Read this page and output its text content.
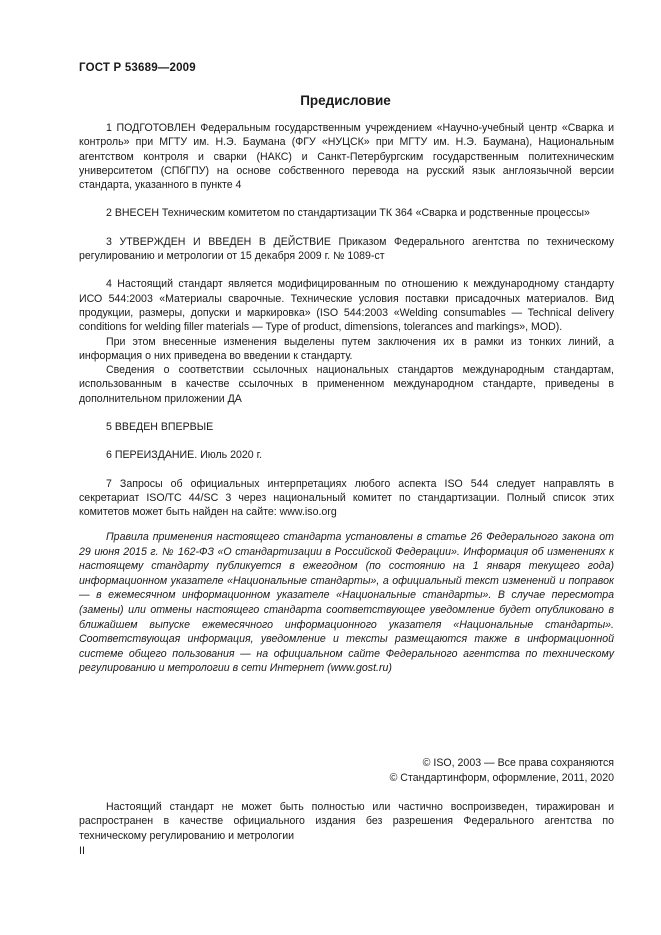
ГОСТ Р 53689—2009
Предисловие

1 ПОДГОТОВЛЕН Федеральным государственным учреждением «Научно-учебный центр «Сварка и контроль» при МГТУ им. Н.Э. Баумана (ФГУ «НУЦСК» при МГТУ им. Н.Э. Баумана), Национальным агентством контроля и сварки (НАКС) и Санкт-Петербургским государственным политехническим университетом (СПбГПУ) на основе собственного перевода на русский язык англоязычной версии стандарта, указанного в пункте 4

2 ВНЕСЕН Техническим комитетом по стандартизации ТК 364 «Сварка и родственные процессы»

3 УТВЕРЖДЕН И ВВЕДЕН В ДЕЙСТВИЕ Приказом Федерального агентства по техническому регулированию и метрологии от 15 декабря 2009 г. № 1089-ст

4 Настоящий стандарт является модифицированным по отношению к международному стандарту ИСО 544:2003 «Материалы сварочные. Технические условия поставки присадочных материалов. Вид продукции, размеры, допуски и маркировка» (ISO 544:2003 «Welding consumables — Technical delivery conditions for welding filler materials — Type of product, dimensions, tolerances and markings», MOD).

При этом внесенные изменения выделены путем заключения их в рамки из тонких линий, а информация о них приведена во введении к стандарту.

Сведения о соответствии ссылочных национальных стандартов международным стандартам, использованным в качестве ссылочных в примененном международном стандарте, приведены в дополнительном приложении ДА

5 ВВЕДЕН ВПЕРВЫЕ

6 ПЕРЕИЗДАНИЕ. Июль 2020 г.

7 Запросы об официальных интерпретациях любого аспекта ISO 544 следует направлять в секретариат ISO/TC 44/SC 3 через национальный комитет по стандартизации. Полный список этих комитетов может быть найден на сайте: www.iso.org

Правила применения настоящего стандарта установлены в статье 26 Федерального закона от 29 июня 2015 г. № 162-ФЗ «О стандартизации в Российской Федерации». Информация об изменениях к настоящему стандарту публикуется в ежегодном (по состоянию на 1 января текущего года) информационном указателе «Национальные стандарты», а официальный текст изменений и поправок — в ежемесячном информационном указателе «Национальные стандарты». В случае пересмотра (замены) или отмены настоящего стандарта соответствующее уведомление будет опубликовано в ближайшем выпуске ежемесячного информационного указателя «Национальные стандарты». Соответствующая информация, уведомление и тексты размещаются также в информационной системе общего пользования — на официальном сайте Федерального агентства по техническому регулированию и метрологии в сети Интернет (www.gost.ru)

© ISO, 2003 — Все права сохраняются
© Стандартинформ, оформление, 2011, 2020

Настоящий стандарт не может быть полностью или частично воспроизведен, тиражирован и распространен в качестве официального издания без разрешения Федерального агентства по техническому регулированию и метрологии

II
